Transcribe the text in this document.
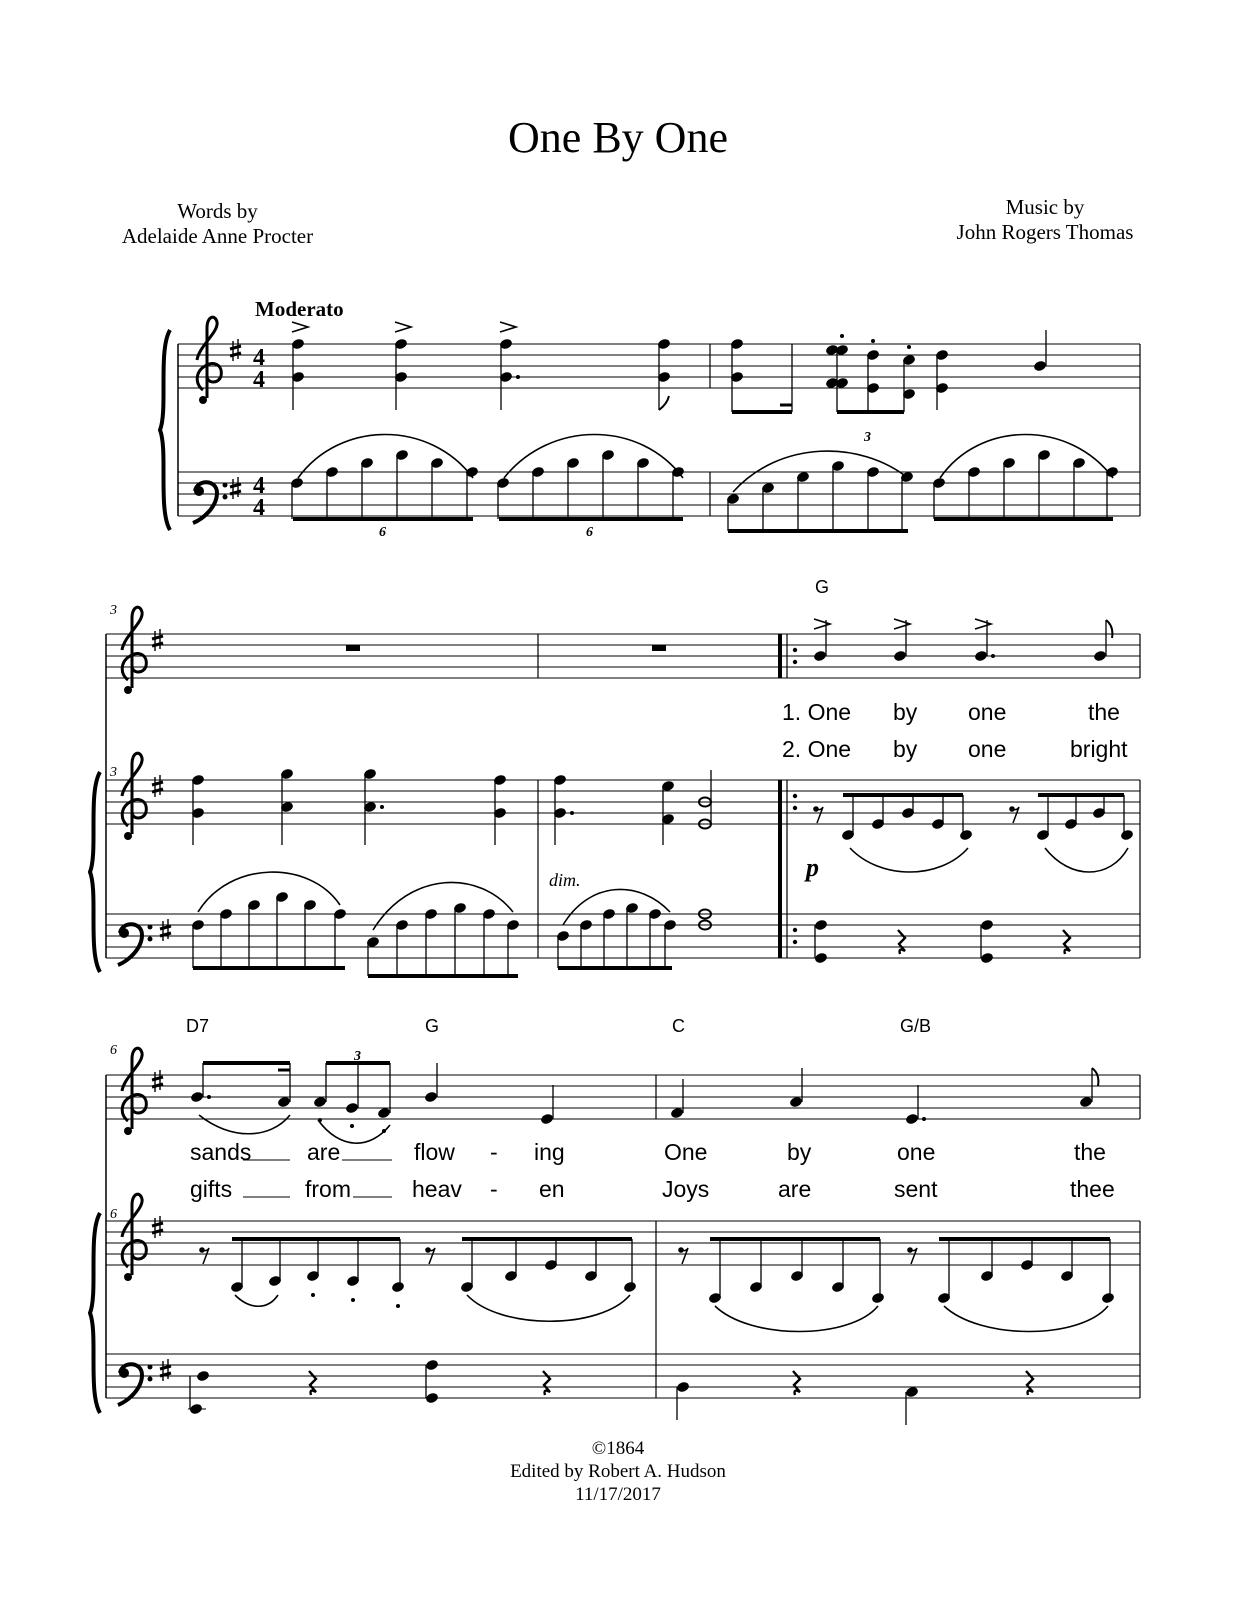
One By One
Words by
Adelaide Anne Procter
Music by
John Rogers Thomas
Moderato
4
4
4
4
6	6
3
3
G
1. One by one	the
2. One by one	bright
3
p
dim.
6
D7	G	C	G/B
3
sands are	flow - ing	One	by	one	the
gifts	from	heav - en	Joys	are	sent	thee
6
©1864
Edited by Robert A. Hudson
11/17/2017
